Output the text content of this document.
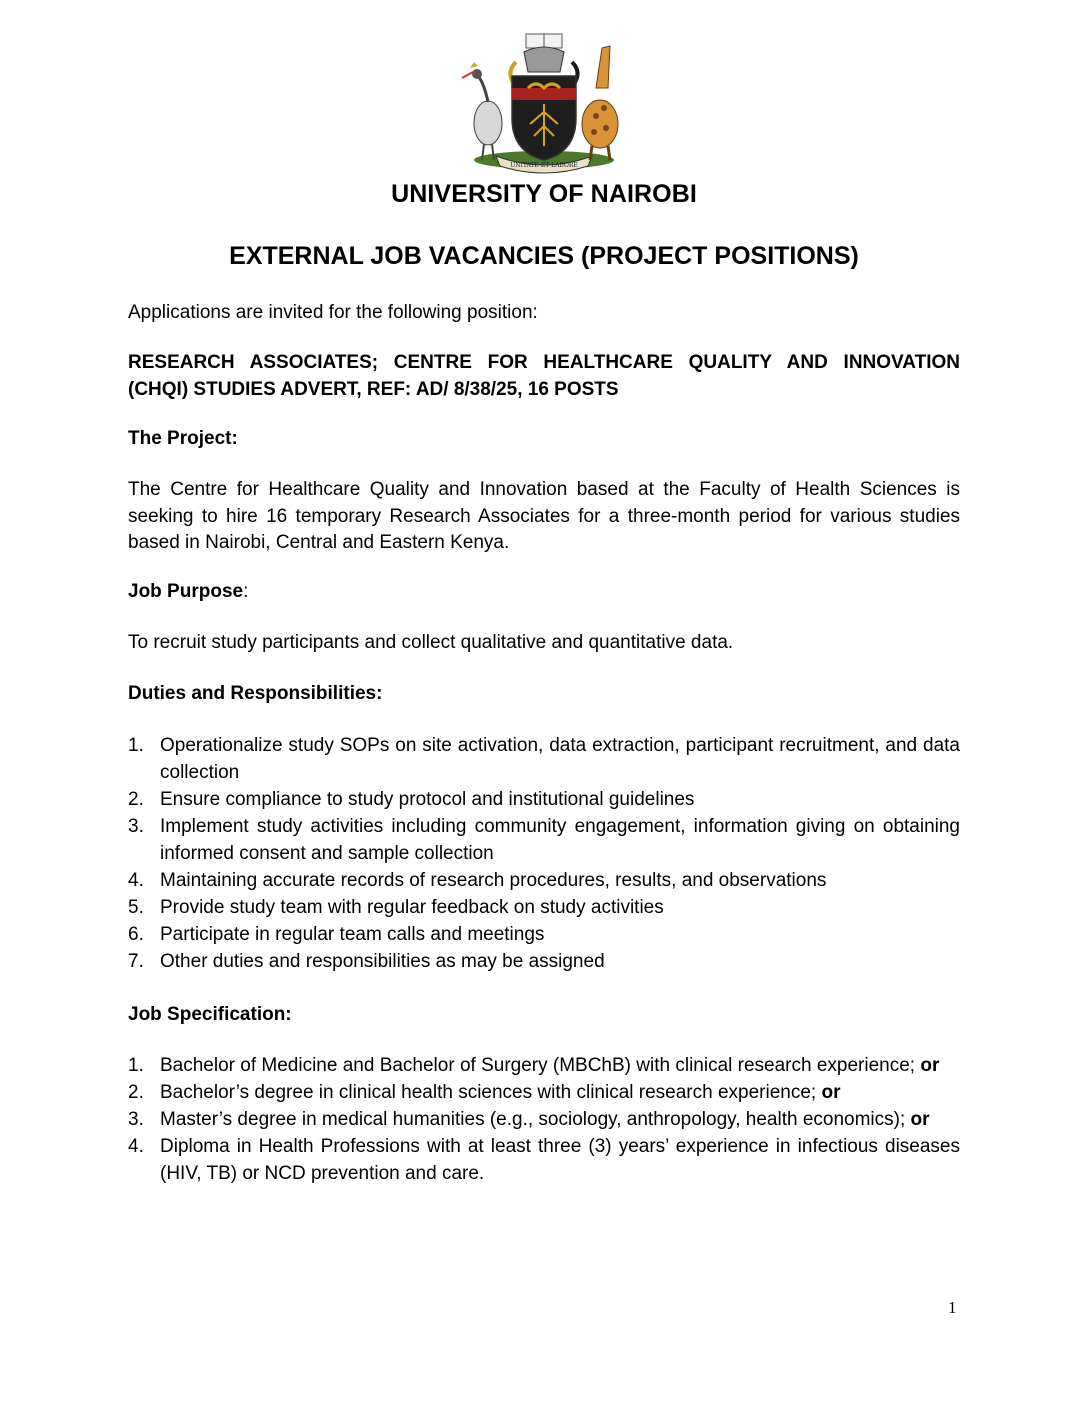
UNITATE ET LABORE
UNIVERSITY OF NAIROBI
EXTERNAL JOB VACANCIES (PROJECT POSITIONS)
Applications are invited for the following position:
RESEARCH ASSOCIATES; CENTRE FOR HEALTHCARE QUALITY AND INNOVATION
(CHQI) STUDIES ADVERT, REF: AD/ 8/38/25, 16 POSTS
The Project:
The Centre for Healthcare Quality and Innovation based at the Faculty of Health Sciences is seeking to hire 16 temporary Research Associates for a three-month period for various studies based in Nairobi, Central and Eastern Kenya.
Job Purpose:
To recruit study participants and collect qualitative and quantitative data.
Duties and Responsibilities:
1. Operationalize study SOPs on site activation, data extraction, participant recruitment, and data collection
2. Ensure compliance to study protocol and institutional guidelines
3. Implement study activities including community engagement, information giving on obtaining informed consent and sample collection
4. Maintaining accurate records of research procedures, results, and observations
5. Provide study team with regular feedback on study activities
6. Participate in regular team calls and meetings
7. Other duties and responsibilities as may be assigned
Job Specification:
1. Bachelor of Medicine and Bachelor of Surgery (MBChB) with clinical research experience; or
2. Bachelor’s degree in clinical health sciences with clinical research experience; or
3. Master’s degree in medical humanities (e.g., sociology, anthropology, health economics); or
4. Diploma in Health Professions with at least three (3) years’ experience in infectious diseases (HIV, TB) or NCD prevention and care.
1
